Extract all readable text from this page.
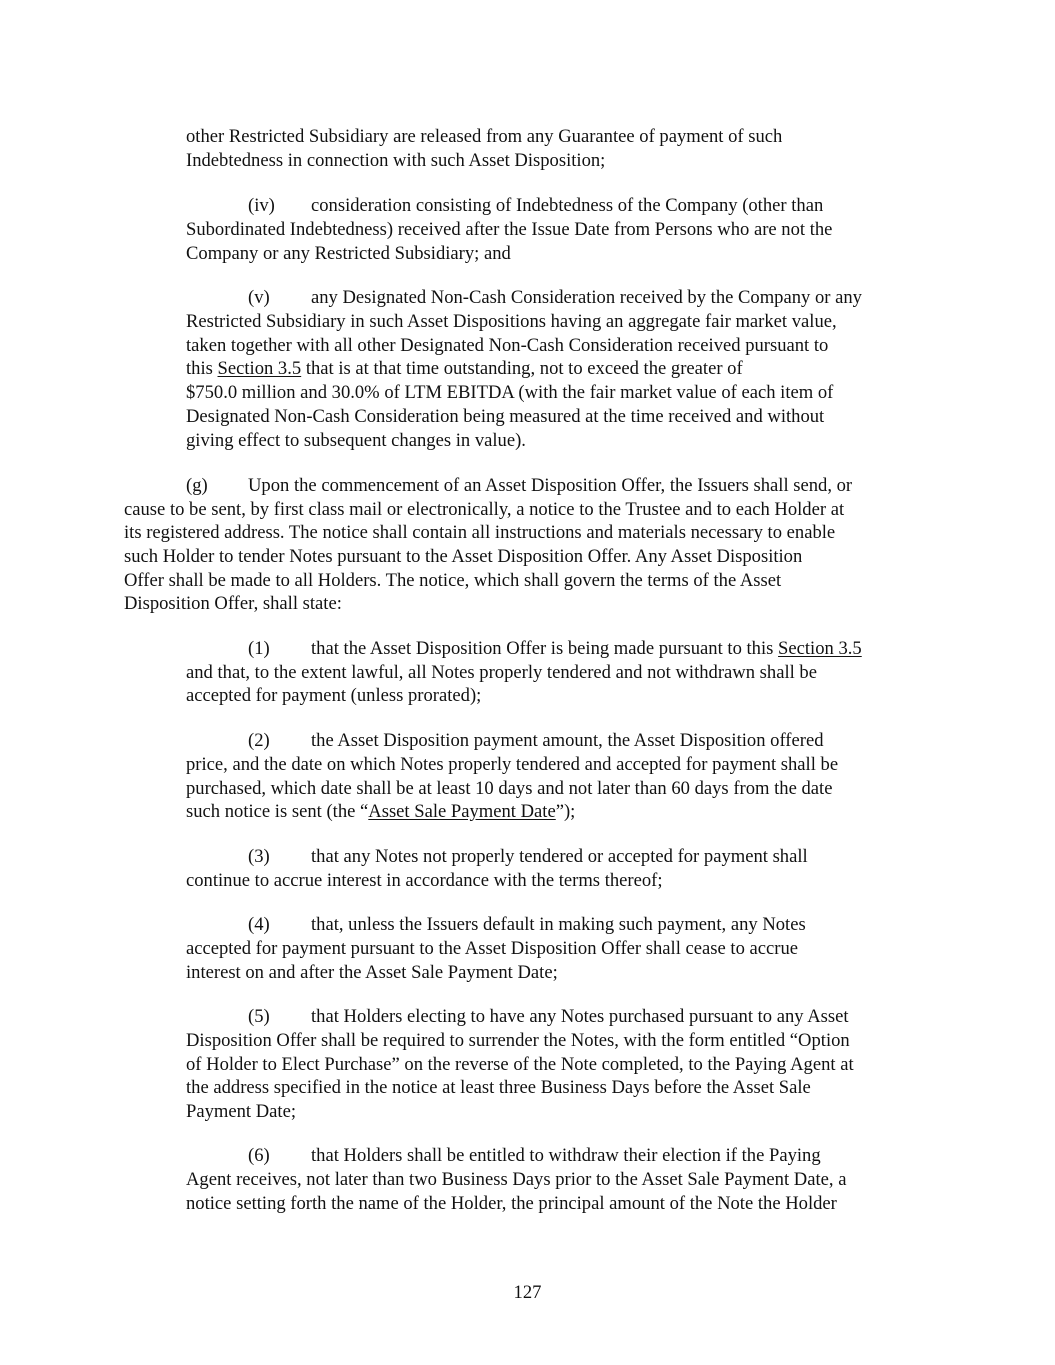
other Restricted Subsidiary are released from any Guarantee of payment of such

Indebtedness in connection with such Asset Disposition;

(iv) consideration consisting of Indebtedness of the Company (other than

Subordinated Indebtedness) received after the Issue Date from Persons who are not the

Company or any Restricted Subsidiary; and

(v) any Designated Non-Cash Consideration received by the Company or any

Restricted Subsidiary in such Asset Dispositions having an aggregate fair market value,

taken together with all other Designated Non-Cash Consideration received pursuant to

this Section 3.5 that is at that time outstanding, not to exceed the greater of

$750.0 million and 30.0% of LTM EBITDA (with the fair market value of each item of

Designated Non-Cash Consideration being measured at the time received and without

giving effect to subsequent changes in value).

(g) Upon the commencement of an Asset Disposition Offer, the Issuers shall send, or

cause to be sent, by first class mail or electronically, a notice to the Trustee and to each Holder at

its registered address. The notice shall contain all instructions and materials necessary to enable

such Holder to tender Notes pursuant to the Asset Disposition Offer. Any Asset Disposition

Offer shall be made to all Holders. The notice, which shall govern the terms of the Asset

Disposition Offer, shall state:

(1) that the Asset Disposition Offer is being made pursuant to this Section 3.5

and that, to the extent lawful, all Notes properly tendered and not withdrawn shall be

accepted for payment (unless prorated);

(2) the Asset Disposition payment amount, the Asset Disposition offered

price, and the date on which Notes properly tendered and accepted for payment shall be

purchased, which date shall be at least 10 days and not later than 60 days from the date

such notice is sent (the “Asset Sale Payment Date”);

(3) that any Notes not properly tendered or accepted for payment shall

continue to accrue interest in accordance with the terms thereof;

(4) that, unless the Issuers default in making such payment, any Notes

accepted for payment pursuant to the Asset Disposition Offer shall cease to accrue

interest on and after the Asset Sale Payment Date;

(5) that Holders electing to have any Notes purchased pursuant to any Asset

Disposition Offer shall be required to surrender the Notes, with the form entitled “Option

of Holder to Elect Purchase” on the reverse of the Note completed, to the Paying Agent at

the address specified in the notice at least three Business Days before the Asset Sale

Payment Date;

(6) that Holders shall be entitled to withdraw their election if the Paying

Agent receives, not later than two Business Days prior to the Asset Sale Payment Date, a

notice setting forth the name of the Holder, the principal amount of the Note the Holder

127
